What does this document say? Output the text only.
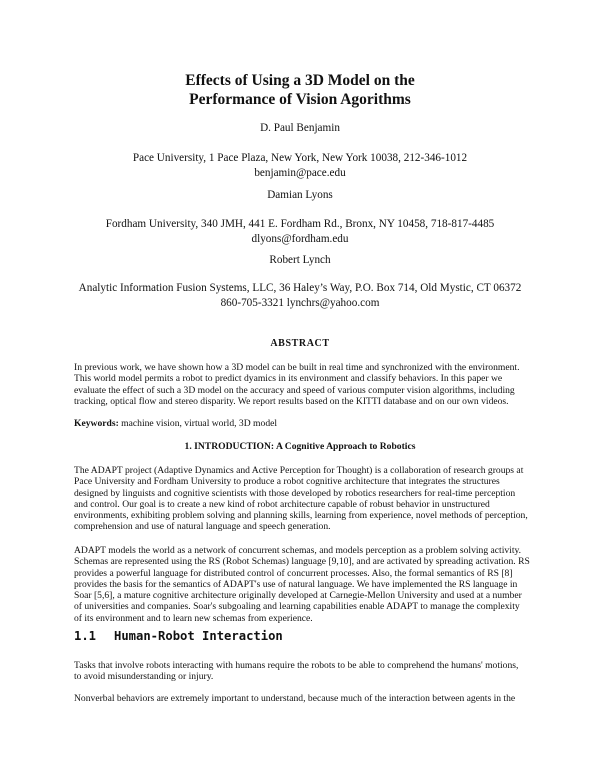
Effects of Using a 3D Model on the
Performance of Vision Agorithms
D. Paul Benjamin
Pace University, 1 Pace Plaza, New York, New York 10038, 212-346-1012
benjamin@pace.edu
Damian Lyons
Fordham University, 340 JMH, 441 E. Fordham Rd., Bronx, NY 10458, 718-817-4485
dlyons@fordham.edu
Robert Lynch
Analytic Information Fusion Systems, LLC, 36 Haley’s Way, P.O. Box 714, Old Mystic, CT 06372
860-705-3321 lynchrs@yahoo.com
ABSTRACT
In previous work, we have shown how a 3D model can be built in real time and synchronized with the environment.
This world model permits a robot to predict dyamics in its environment and classify behaviors. In this paper we
evaluate the effect of such a 3D model on the accuracy and speed of various computer vision algorithms, including
tracking, optical flow and stereo disparity. We report results based on the KITTI database and on our own videos.
Keywords: machine vision, virtual world, 3D model
1. INTRODUCTION: A Cognitive Approach to Robotics
The ADAPT project (Adaptive Dynamics and Active Perception for Thought) is a collaboration of research groups at
Pace University and Fordham University to produce a robot cognitive architecture that integrates the structures
designed by linguists and cognitive scientists with those developed by robotics researchers for real-time perception
and control. Our goal is to create a new kind of robot architecture capable of robust behavior in unstructured
environments, exhibiting problem solving and planning skills, learning from experience, novel methods of perception,
comprehension and use of natural language and speech generation.
ADAPT models the world as a network of concurrent schemas, and models perception as a problem solving activity.
Schemas are represented using the RS (Robot Schemas) language [9,10], and are activated by spreading activation. RS
provides a powerful language for distributed control of concurrent processes. Also, the formal semantics of RS [8]
provides the basis for the semantics of ADAPT's use of natural language. We have implemented the RS language in
Soar [5,6], a mature cognitive architecture originally developed at Carnegie-Mellon University and used at a number
of universities and companies. Soar's subgoaling and learning capabilities enable ADAPT to manage the complexity
of its environment and to learn new schemas from experience.
1.1 Human-Robot Interaction
Tasks that involve robots interacting with humans require the robots to be able to comprehend the humans' motions,
to avoid misunderstanding or injury.
Nonverbal behaviors are extremely important to understand, because much of the interaction between agents in the
